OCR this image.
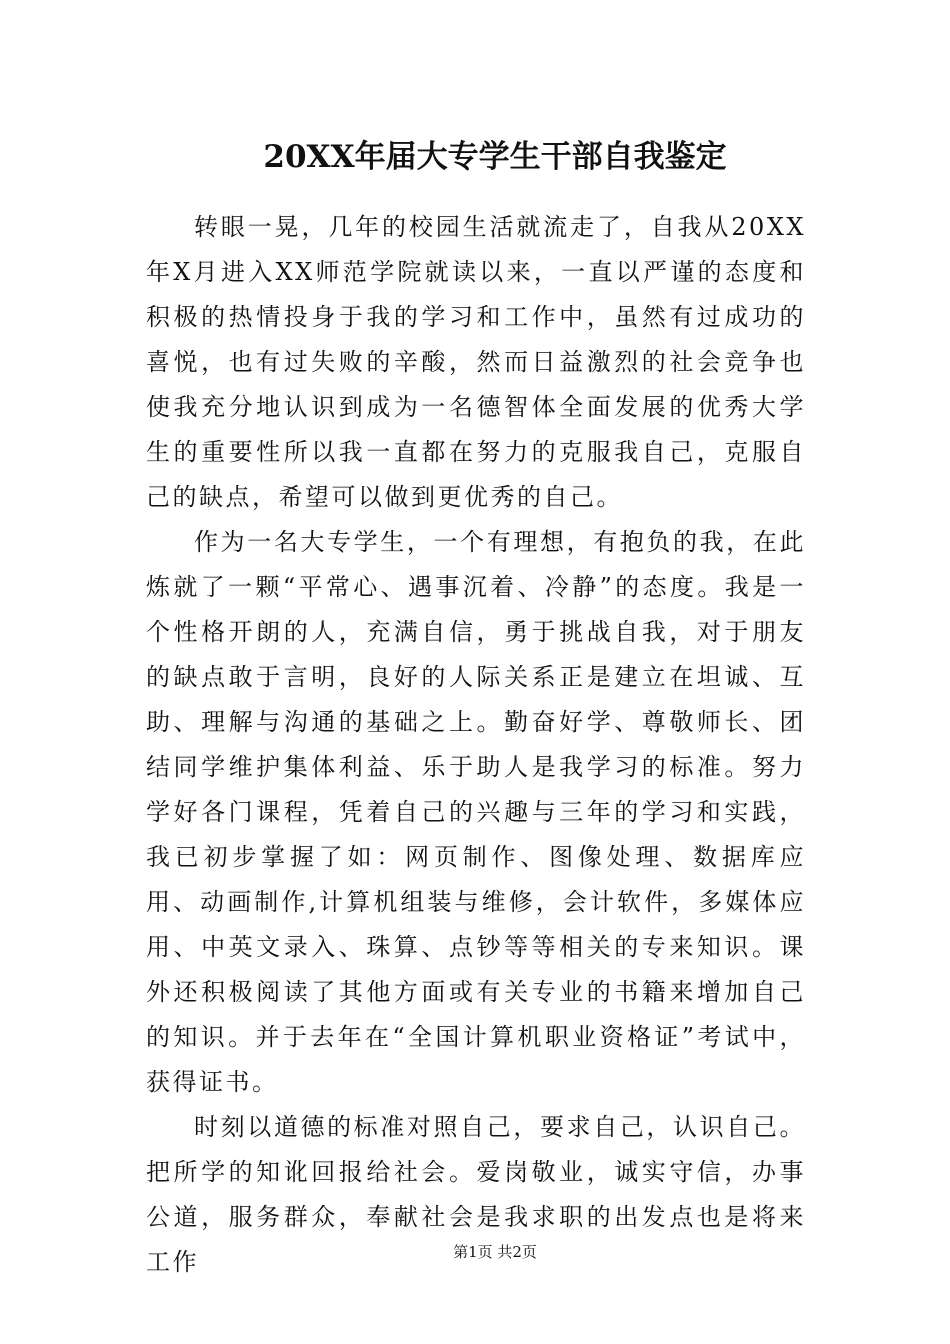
20XX年届大专学生干部自我鉴定

转眼一晃，几年的校园生活就流走了，自我从20XX年X月进入XX师范学院就读以来，一直以严谨的态度和积极的热情投身于我的学习和工作中，虽然有过成功的喜悦，也有过失败的辛酸，然而日益激烈的社会竞争也使我充分地认识到成为一名德智体全面发展的优秀大学生的重要性所以我一直都在努力的克服我自己，克服自己的缺点，希望可以做到更优秀的自己。

作为一名大专学生，一个有理想，有抱负的我，在此炼就了一颗“平常心、遇事沉着、冷静”的态度。我是一个性格开朗的人，充满自信，勇于挑战自我，对于朋友的缺点敢于言明，良好的人际关系正是建立在坦诚、互助、理解与沟通的基础之上。勤奋好学、尊敬师长、团结同学维护集体利益、乐于助人是我学习的标准。努力学好各门课程，凭着自己的兴趣与三年的学习和实践，我已初步掌握了如：网页制作、图像处理、数据库应用、动画制作,计算机组装与维修，会计软件，多媒体应用、中英文录入、珠算、点钞等等相关的专来知识。课外还积极阅读了其他方面或有关专业的书籍来增加自己的知识。并于去年在“全国计算机职业资格证”考试中，获得证书。

时刻以道德的标准对照自己，要求自己，认识自己。把所学的知讹回报给社会。爱岗敬业，诚实守信，办事公道，服务群众，奉献社会是我求职的出发点也是将来工作	第1页 共2页
